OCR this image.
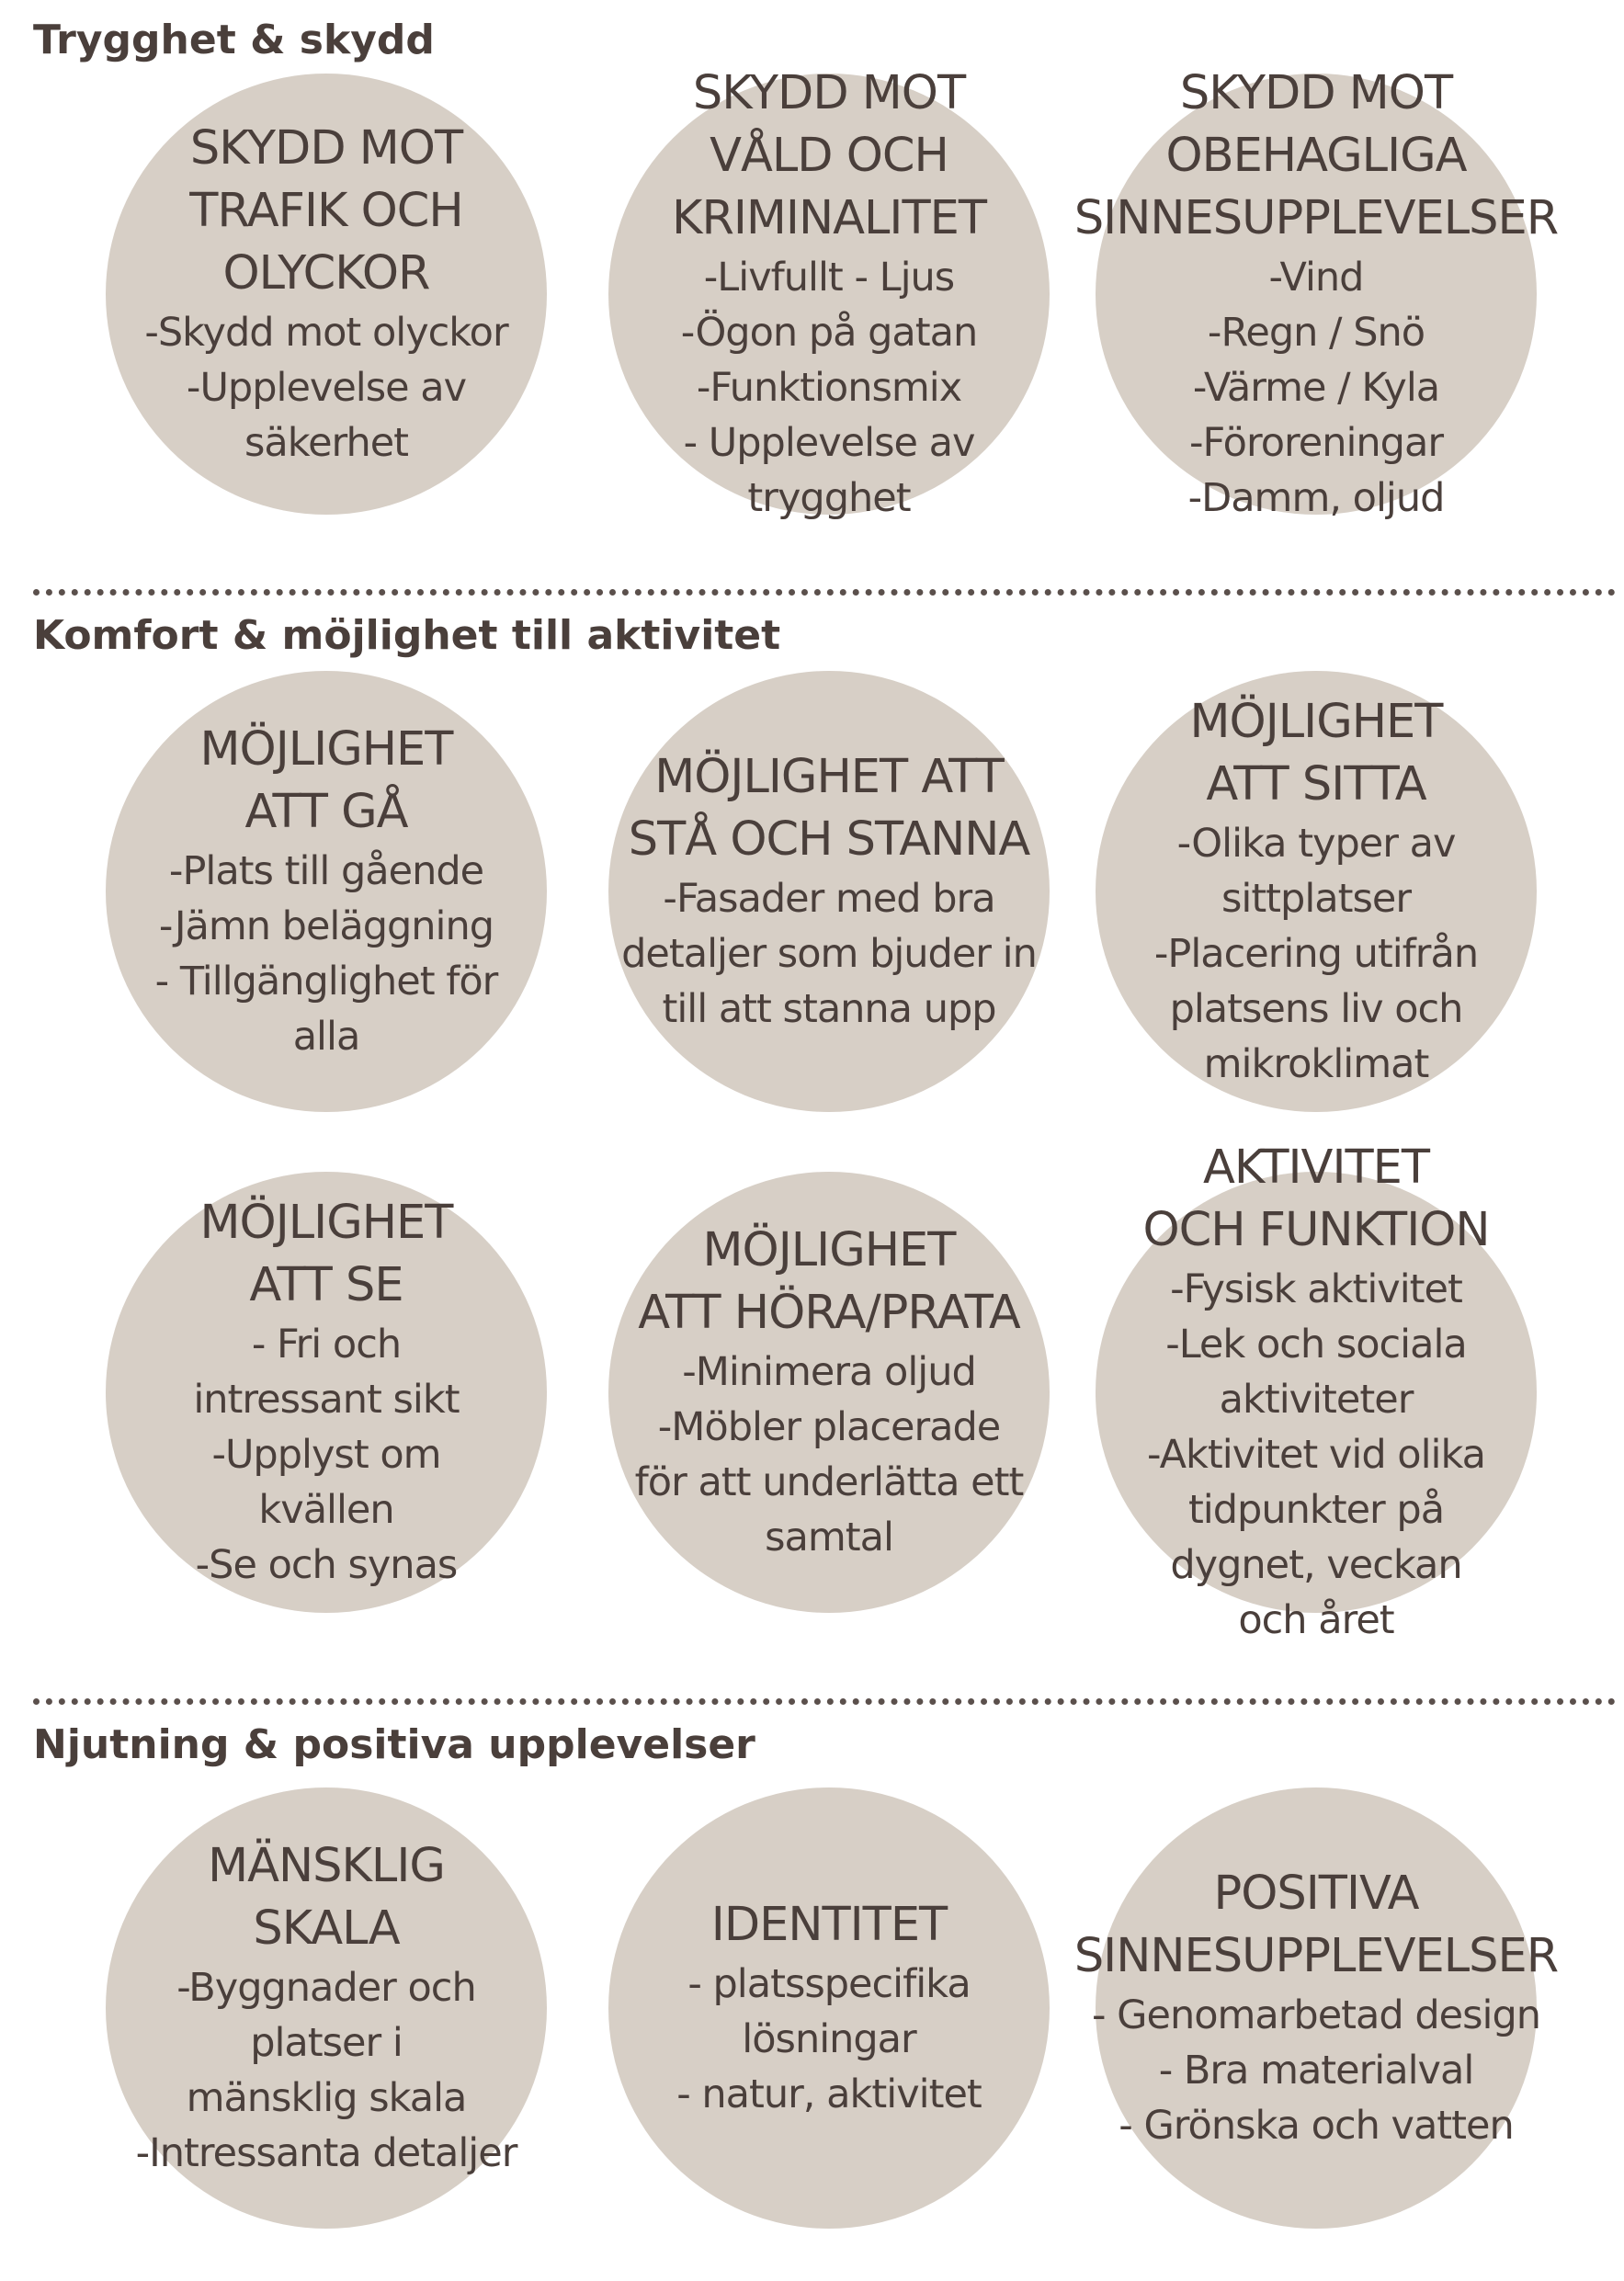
Trygghet & skydd
Komfort & möjlighet till aktivitet
Njutning & positiva upplevelser
SKYDD MOT
TRAFIK OCH
OLYCKOR
-Skydd mot olyckor
-Upplevelse av
säkerhet
SKYDD MOT
VÅLD OCH
KRIMINALITET
-Livfullt - Ljus
-Ögon på gatan
-Funktionsmix
- Upplevelse av
trygghet
SKYDD MOT
OBEHAGLIGA
SINNESUPPLEVELSER
-Vind
-Regn / Snö
-Värme / Kyla
-Föroreningar
-Damm, oljud
MÖJLIGHET
ATT GÅ
-Plats till gående
-Jämn beläggning
- Tillgänglighet för
alla
MÖJLIGHET ATT
STÅ OCH STANNA
-Fasader med bra
detaljer som bjuder in
till att stanna upp
MÖJLIGHET
ATT SITTA
-Olika typer av
sittplatser
-Placering utifrån
platsens liv och
mikroklimat
MÖJLIGHET
ATT SE
- Fri och
intressant sikt
-Upplyst om
kvällen
-Se och synas
MÖJLIGHET
ATT HÖRA/PRATA
-Minimera oljud
-Möbler placerade
för att underlätta ett
samtal
AKTIVITET
OCH FUNKTION
-Fysisk aktivitet
-Lek och sociala
aktiviteter
-Aktivitet vid olika
tidpunkter på
dygnet, veckan
och året
MÄNSKLIG
SKALA
-Byggnader och
platser i
mänsklig skala
-Intressanta detaljer
IDENTITET
- platsspecifika
lösningar
- natur, aktivitet
POSITIVA
SINNESUPPLEVELSER
- Genomarbetad design
- Bra materialval
- Grönska och vatten
